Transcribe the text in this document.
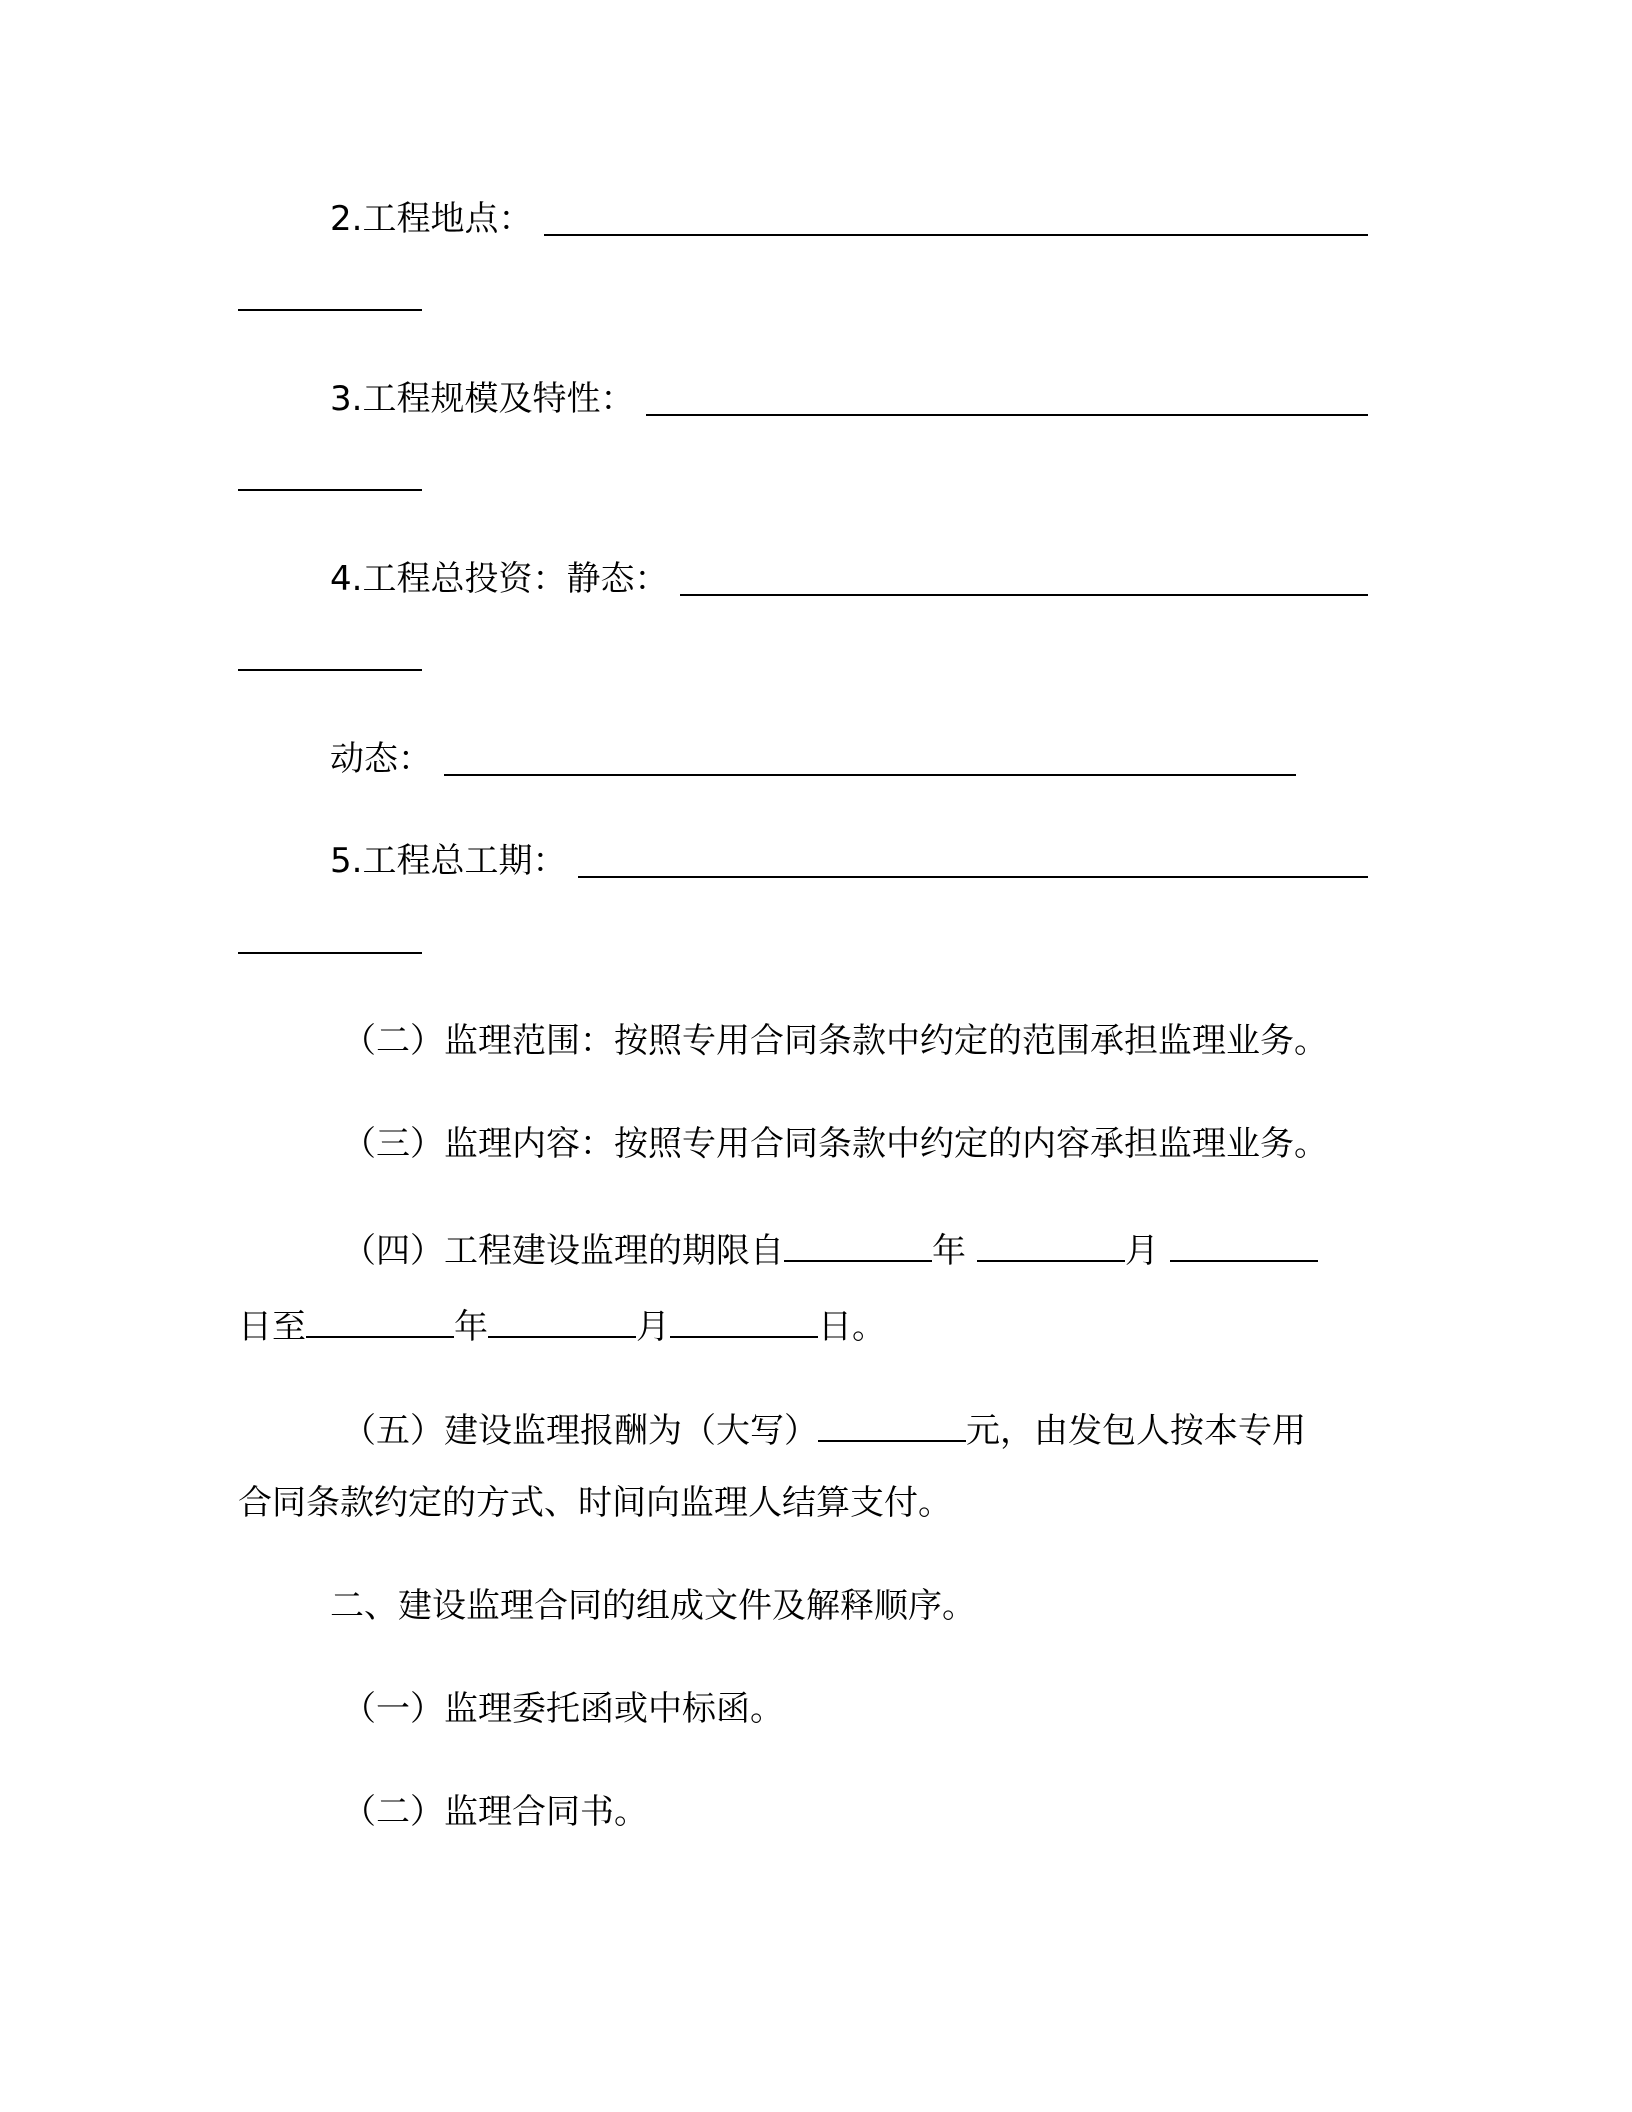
2.工程地点：
3.工程规模及特性：
4.工程总投资：静态：
动态：
5.工程总工期：
（二）监理范围：按照专用合同条款中约定的范围承担监理业务。
（三）监理内容：按照专用合同条款中约定的内容承担监理业务。
（四）工程建设监理的期限自	年	月
日至	年	月	日。
（五）建设监理报酬为（大写）	元，由发包人按本专用
合同条款约定的方式、时间向监理人结算支付。
二、建设监理合同的组成文件及解释顺序。
（一）监理委托函或中标函。
（二）监理合同书。
